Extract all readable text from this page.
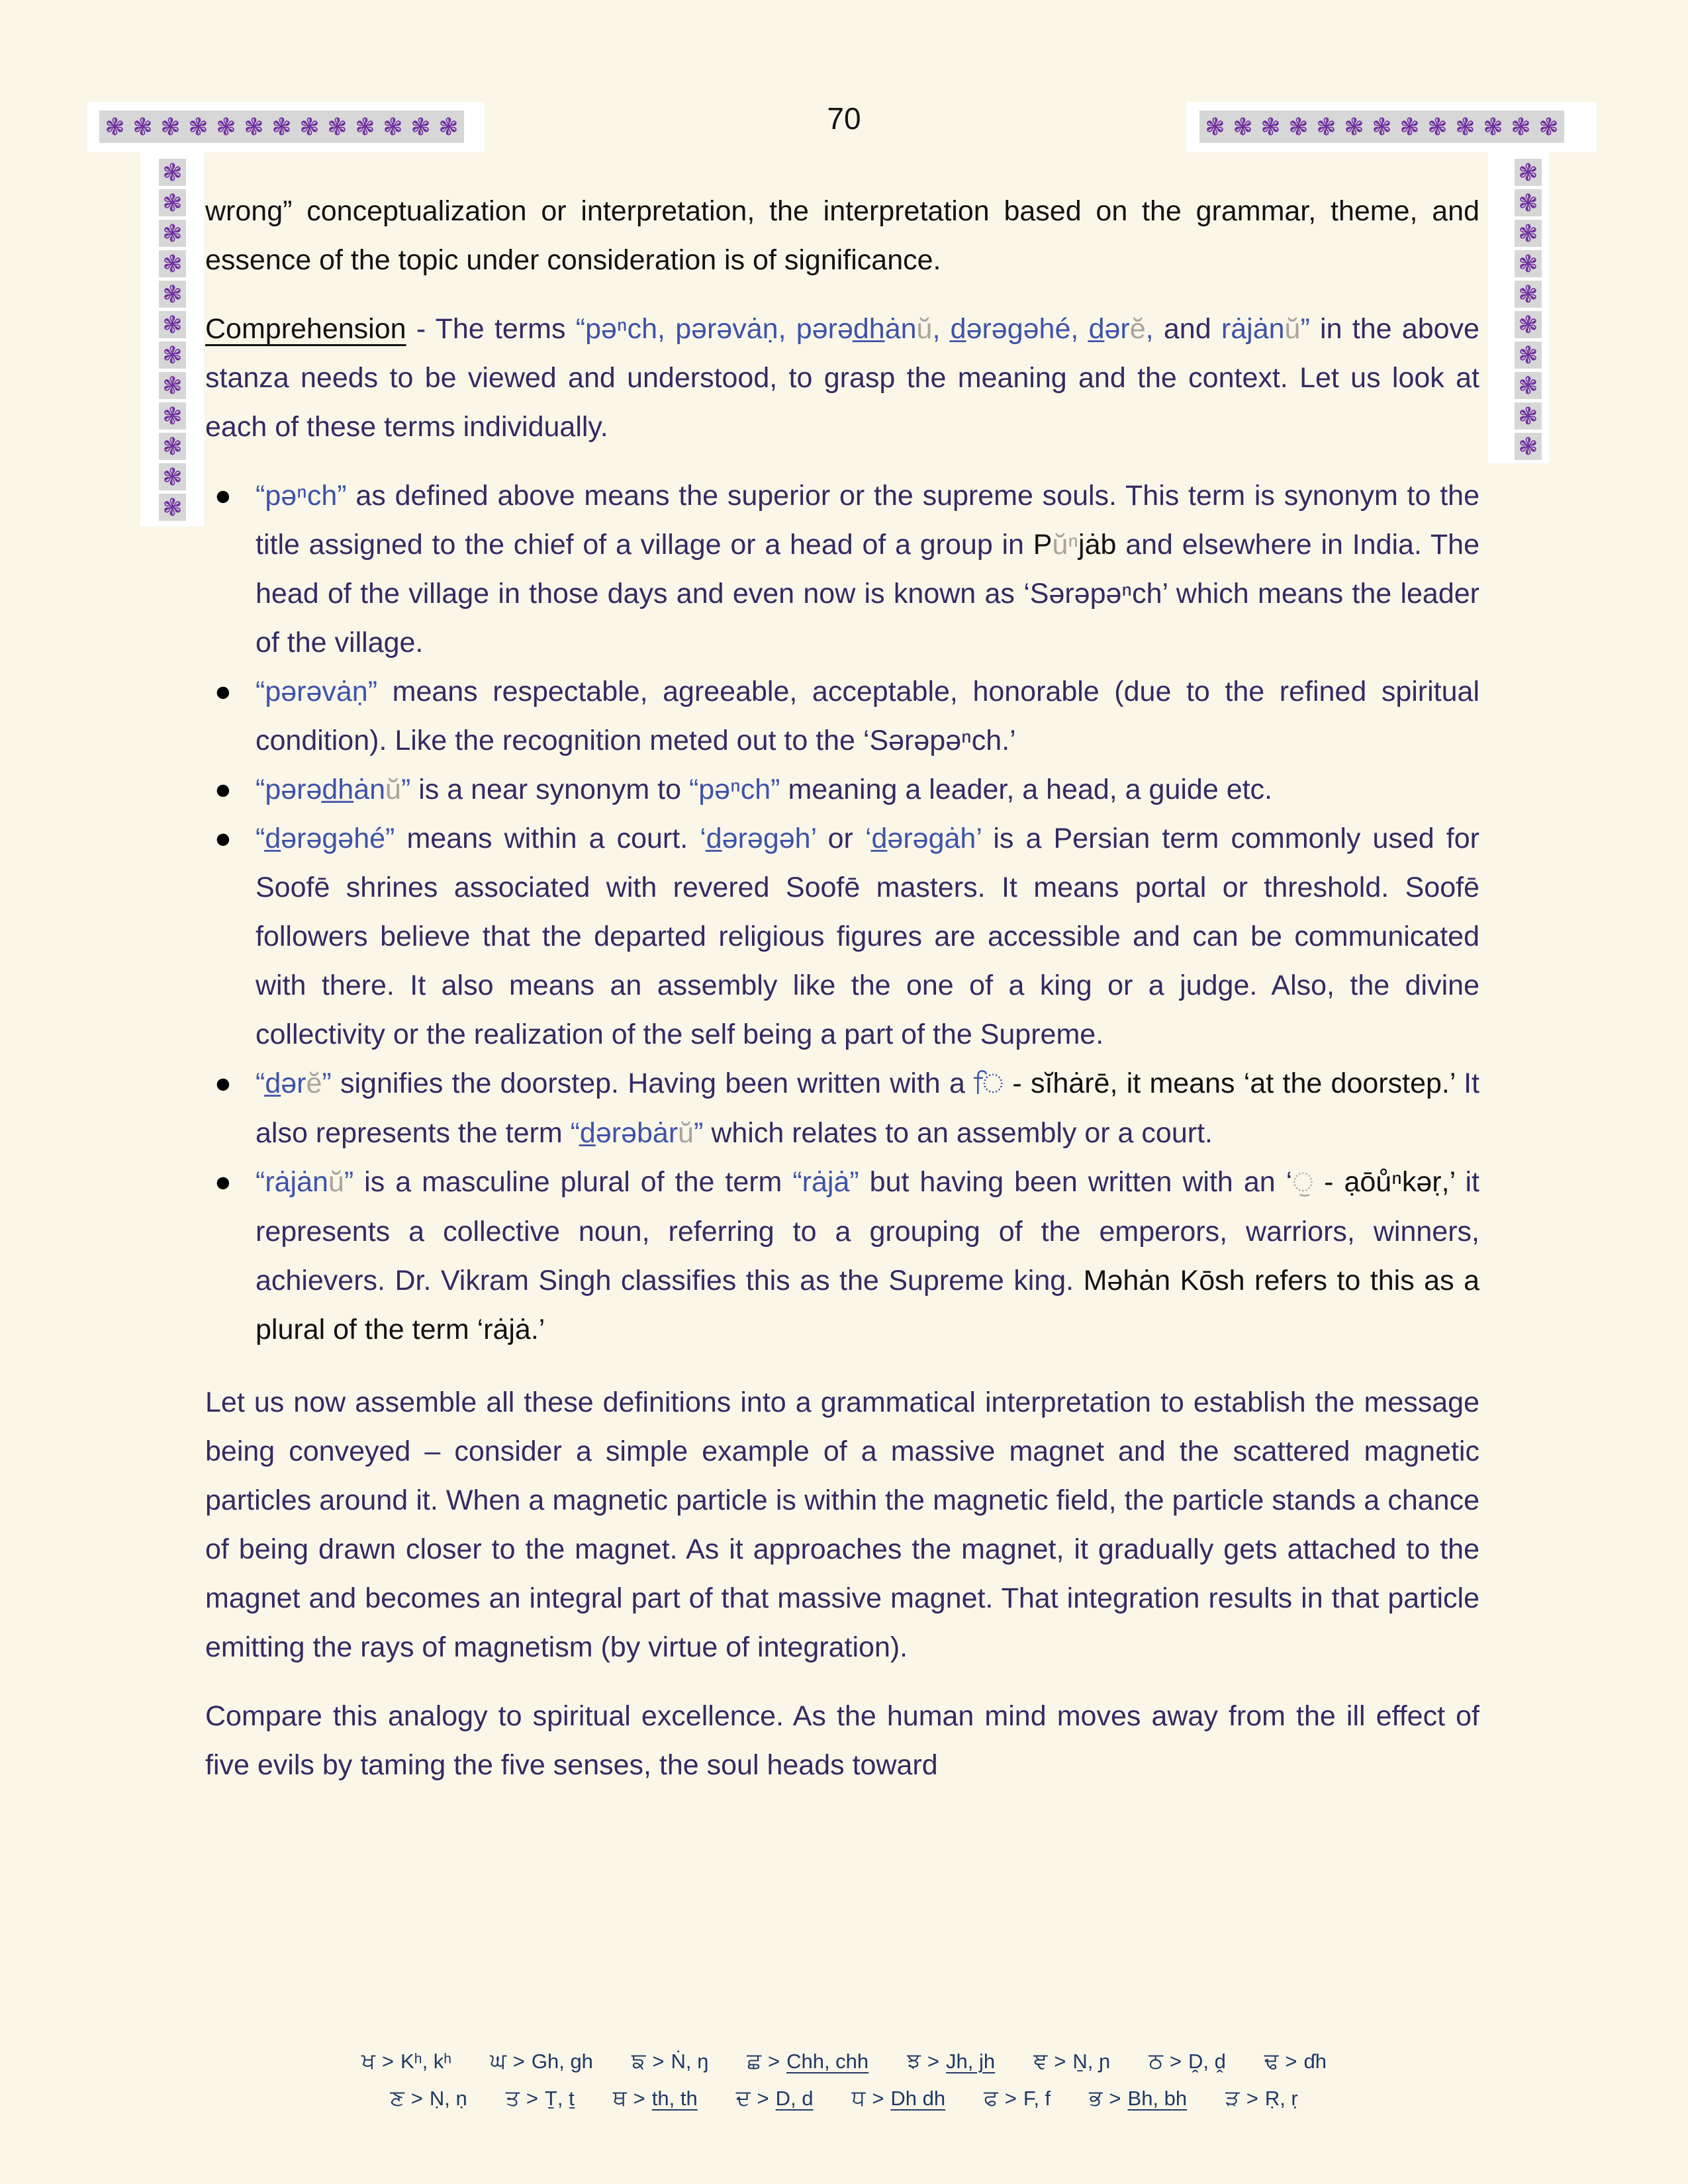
❃ ❃ ❃ ❃ ❃ ❃ ❃ ❃ ❃ ❃ ❃ ❃ ❃	❃ ❃ ❃ ❃ ❃ ❃ ❃ ❃ ❃ ❃ ❃ ❃ ❃
❃
❃
❃
❃
❃
❃
❃
❃
❃
❃
❃
❃
❃
❃
❃
❃
❃
❃
❃
❃
❃
❃
70
wrong” conceptualization or interpretation, the interpretation based on the grammar, theme, and essence of the topic under consideration is of significance.
Comprehension - The terms “pəⁿch, pərəvȧṇ, pərəd̲h̲ȧnŭ, d̲ərəgəhé, d̲ərĕ, and rȧjȧnŭ” in the above stanza needs to be viewed and understood, to grasp the meaning and the context. Let us look at each of these terms individually.
● “pəⁿch” as defined above means the superior or the supreme souls. This term is synonym to the title assigned to the chief of a village or a head of a group in Pŭⁿjȧb and elsewhere in India. The head of the village in those days and even now is known as ‘Sərəpəⁿch’ which means the leader of the village.
● “pərəvȧṇ” means respectable, agreeable, acceptable, honorable (due to the refined spiritual condition). Like the recognition meted out to the ‘Sərəpəⁿch.’
● “pərəd̲h̲ȧnŭ” is a near synonym to “pəⁿch” meaning a leader, a head, a guide etc.
● “d̲ərəgəhé” means within a court. ‘d̲ərəgəh’ or ‘d̲ərəgȧh’ is a Persian term commonly used for Soofē shrines associated with revered Soofē masters. It means portal or threshold. Soofē followers believe that the departed religious figures are accessible and can be communicated with there. It also means an assembly like the one of a king or a judge. Also, the divine collectivity or the realization of the self being a part of the Supreme.
● “d̲ərĕ” signifies the doorstep. Having been written with a ਿ - sĭhȧrē, it means ‘at the doorstep.’ It also represents the term “d̲ərəbȧrŭ” which relates to an assembly or a court.
● “rȧjȧnŭ” is a masculine plural of the term “rȧjȧ” but having been written with an ‘ੁ - ạōůⁿkəṛ,’ it represents a collective noun, referring to a grouping of the emperors, warriors, winners, achievers. Dr. Vikram Singh classifies this as the Supreme king. Məhȧn Kōsh refers to this as a plural of the term ‘rȧjȧ.’
Let us now assemble all these definitions into a grammatical interpretation to establish the message being conveyed – consider a simple example of a massive magnet and the scattered magnetic particles around it. When a magnetic particle is within the magnetic field, the particle stands a chance of being drawn closer to the magnet. As it approaches the magnet, it gradually gets attached to the magnet and becomes an integral part of that massive magnet. That integration results in that particle emitting the rays of magnetism (by virtue of integration).
Compare this analogy to spiritual excellence. As the human mind moves away from the ill effect of five evils by taming the five senses, the soul heads toward
ਖ > Kʰ, kʰ ਘ > Gh, gh ਙ > Ṅ, ŋ ਛ > Chh, chh ਝ > Jh, jh ਞ > Ṉ, ɲ ਠ > Ḓ, ḓ ਢ > ɗh
ਣ > Ṇ, ṇ ਤ > Ṯ, ṯ ਥ > th, th ਦ > D, d ਧ > Dh dh ਫ > F, f ਭ > Bh, bh ੜ > Ṛ, ṛ
